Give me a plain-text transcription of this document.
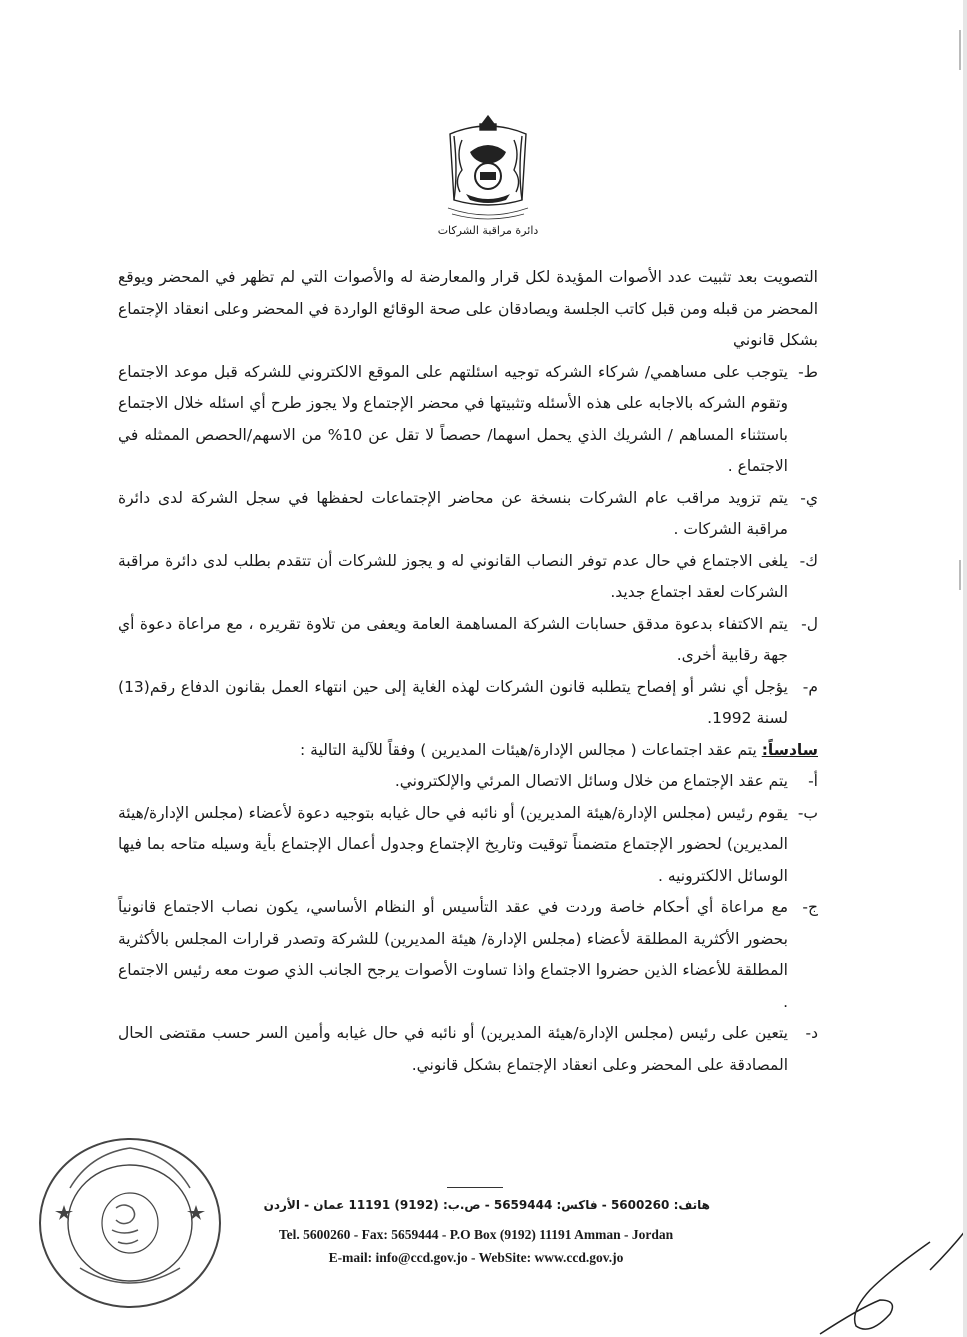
دائرة مراقبة الشركات

التصويت بعد تثبيت عدد الأصوات المؤيدة لكل قرار والمعارضة له والأصوات التي لم تظهر في المحضر ويوقع المحضر من قبله ومن قبل كاتب الجلسة ويصادقان على صحة الوقائع الواردة في المحضر وعلى انعقاد الإجتماع بشكل قانوني

ط-
يتوجب على مساهمي/ شركاء الشركه توجيه اسئلتهم على الموقع الالكتروني للشركه قبل موعد الاجتماع وتقوم الشركه بالاجابه على هذه الأسئله وتثبيتها في محضر الإجتماع ولا يجوز طرح أي اسئله خلال الاجتماع باستثناء المساهم / الشريك الذي يحمل اسهما/ حصصاً لا تقل عن 10% من الاسهم/الحصص الممثله في الاجتماع .
ي-
يتم تزويد مراقب عام الشركات بنسخة عن محاضر الإجتماعات لحفظها في سجل الشركة لدى دائرة مراقبة الشركات .
ك-
يلغى الاجتماع في حال عدم توفر النصاب القانوني له و يجوز للشركات أن تتقدم بطلب لدى دائرة مراقبة الشركات لعقد اجتماع جديد.
ل-
يتم الاكتفاء بدعوة مدقق حسابات الشركة المساهمة العامة ويعفى من تلاوة تقريره ، مع مراعاة دعوة أي جهة رقابية أخرى.
م-
يؤجل أي نشر أو إفصاح يتطلبه قانون الشركات لهذه الغاية إلى حين انتهاء العمل بقانون الدفاع رقم(13) لسنة 1992.

سادساً: يتم عقد اجتماعات ( مجالس الإدارة/هيئات المديرين ) وفقاً للآلية التالية :

أ-
يتم عقد الإجتماع من خلال وسائل الاتصال المرئي والإلكتروني.
ب-
يقوم رئيس (مجلس الإدارة/هيئة المديرين) أو نائبه في حال غيابه بتوجيه دعوة لأعضاء (مجلس الإدارة/هيئة المديرين) لحضور الإجتماع متضمناً توقيت وتاريخ الإجتماع وجدول أعمال الإجتماع بأية وسيله متاحه بما فيها الوسائل الالكترونيه .
ج-
مع مراعاة أي أحكام خاصة وردت في عقد التأسيس أو النظام الأساسي، يكون نصاب الاجتماع قانونياً بحضور الأكثرية المطلقة لأعضاء (مجلس الإدارة/ هيئة المديرين) للشركة وتصدر قرارات المجلس بالأكثرية المطلقة للأعضاء الذين حضروا الاجتماع واذا تساوت الأصوات يرجح الجانب الذي صوت معه رئيس الاجتماع .
د-
يتعين على رئيس (مجلس الإدارة/هيئة المديرين) أو نائبه في حال غيابه وأمين السر حسب مقتضى الحال المصادقة على المحضر وعلى انعقاد الإجتماع بشكل قانوني.
هاتف: 5600260 - فاكس: 5659444 - ص.ب: (9192) 11191 عمان - الأردن
Tel. 5600260 - Fax: 5659444 - P.O Box (9192) 11191 Amman - Jordan
E-mail: info@ccd.gov.jo - WebSite: www.ccd.gov.jo
